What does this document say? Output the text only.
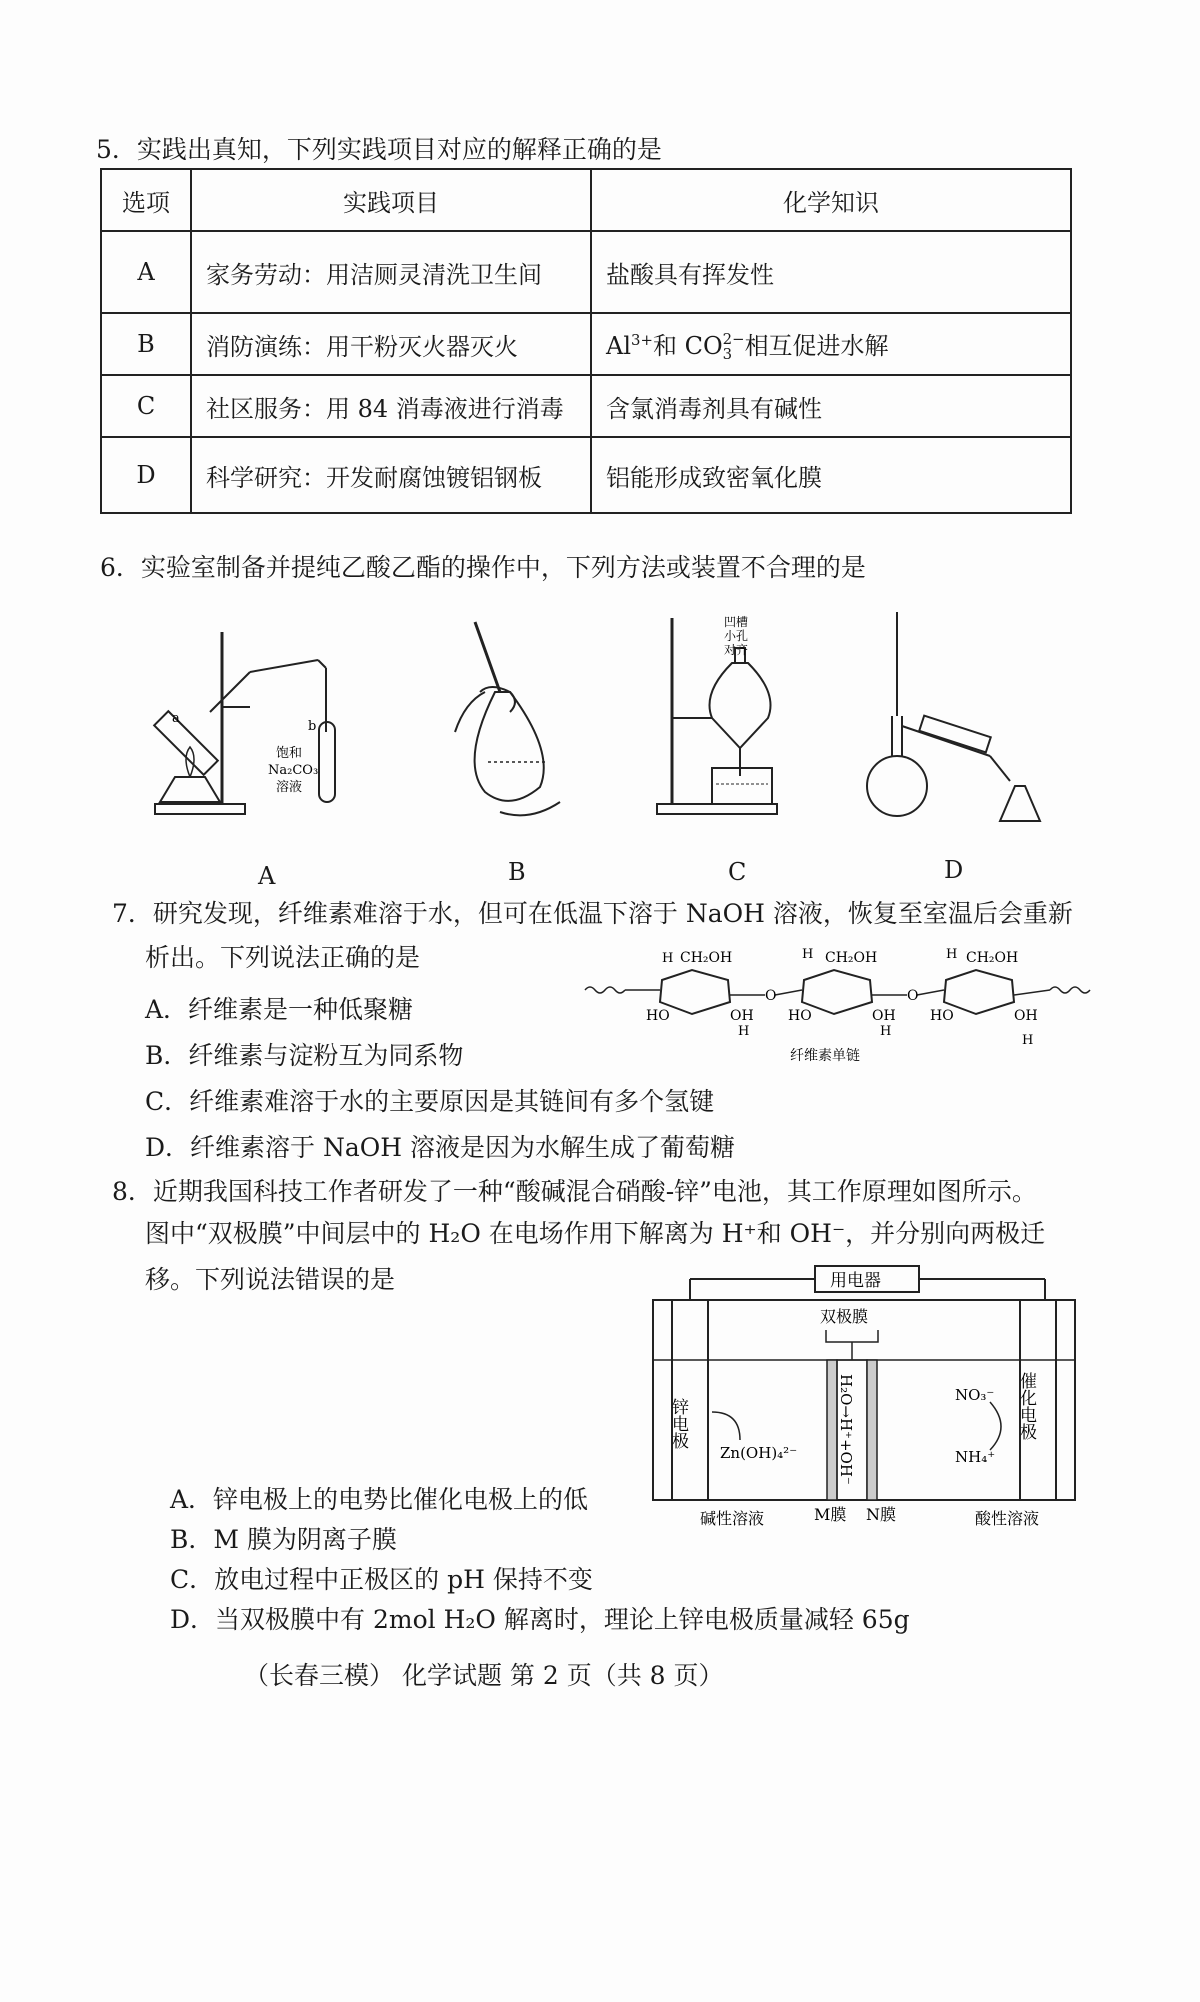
5．实践出真知，下列实践项目对应的解释正确的是
选项	实践项目	化学知识
A	家务劳动：用洁厕灵清洗卫生间	盐酸具有挥发性
B	消防演练：用干粉灭火器灭火	$Al^{3+}$和 CO 2−
3 相互促进水解
C	社区服务：用 84 消毒液进行消毒	含氯消毒剂具有碱性
D	科学研究：开发耐腐蚀镀铝钢板	铝能形成致密氧化膜
6．实验室制备并提纯乙酸乙酯的操作中，下列方法或装置不合理的是
a
b
饱和
Na₂CO₃
溶液
凹槽
小孔
对齐
A	B	C	D
7．研究发现，纤维素难溶于水，但可在低温下溶于 NaOH 溶液，恢复至室温后会重新
析出。下列说法正确的是
A．纤维素是一种低聚糖
B．纤维素与淀粉互为同系物
C．纤维素难溶于水的主要原因是其链间有多个氢键
D．纤维素溶于 NaOH 溶液是因为水解生成了葡萄糖
O	O
CH₂OH	CH₂OH	CH₂OH
H	H	H
HO	HO	HO
OH	OH	OH
H	H
H
纤维素单链
8．近期我国科技工作者研发了一种“酸碱混合硝酸-锌”电池，其工作原理如图所示。
图中“双极膜”中间层中的 H₂O 在电场作用下解离为 H⁺和 OH⁻，并分别向两极迁
移。下列说法错误的是	用电器
双极膜
锌电极	催化电极
Zn(OH)₄²⁻
NO₃⁻
NH₄⁺
H₂O→H⁺+OH⁻
碱性溶液	M膜 N膜	酸性溶液
A．锌电极上的电势比催化电极上的低
B．M 膜为阴离子膜
C．放电过程中正极区的 pH 保持不变
D．当双极膜中有 2mol H₂O 解离时，理论上锌电极质量减轻 65g
（长春三模） 化学试题 第 2 页（共 8 页）
